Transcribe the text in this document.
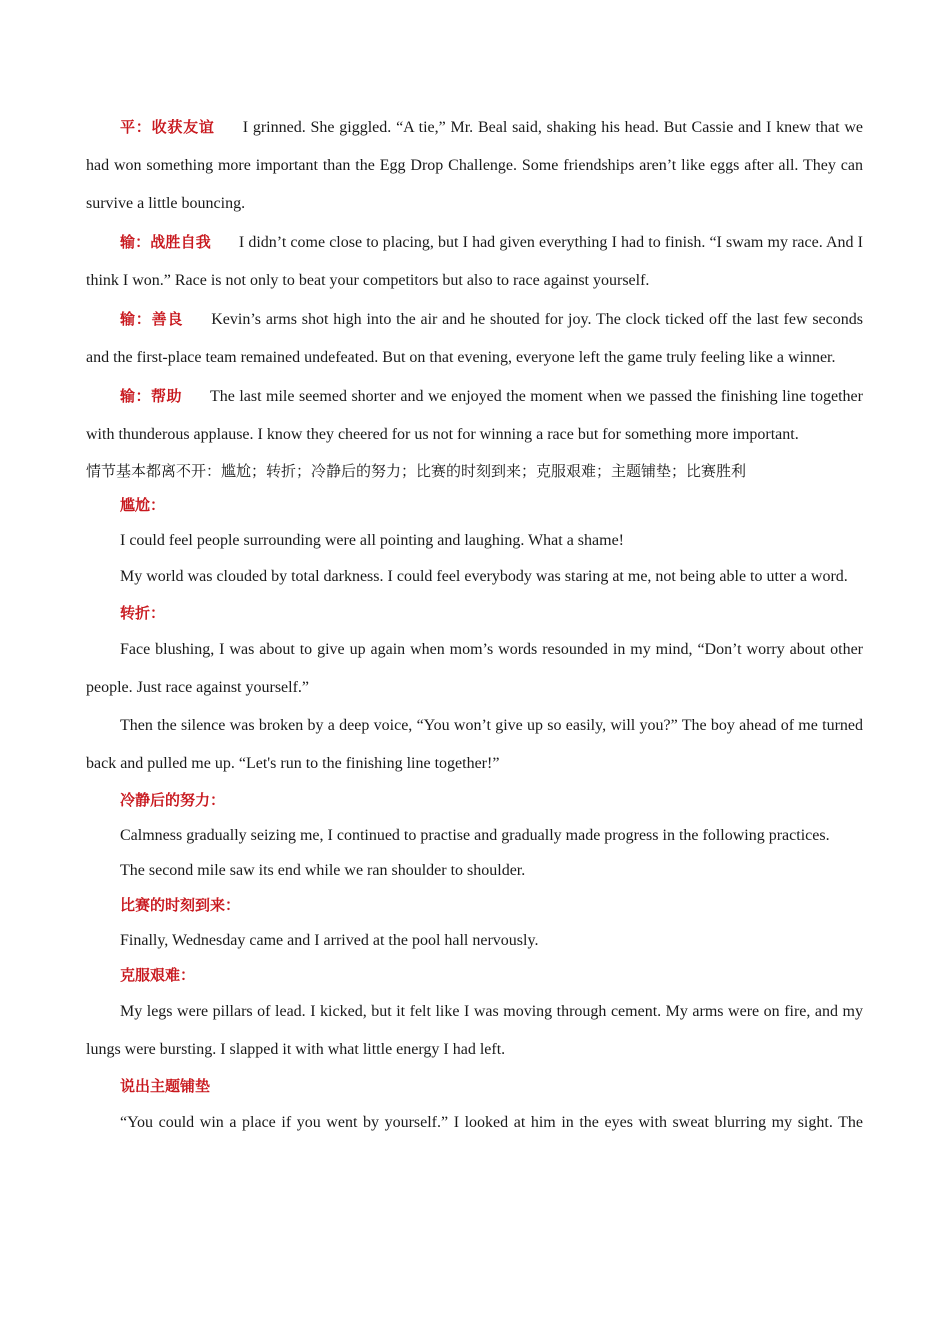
平：收获友谊 I grinned. She giggled. “A tie,” Mr. Beal said, shaking his head. But Cassie and I knew that we had won something more important than the Egg Drop Challenge. Some friendships aren’t like eggs after all. They can survive a little bouncing.

输：战胜自我 I didn’t come close to placing, but I had given everything I had to finish. “I swam my race. And I think I won.” Race is not only to beat your competitors but also to race against yourself.

输：善良 Kevin’s arms shot high into the air and he shouted for joy. The clock ticked off the last few seconds and the first-place team remained undefeated. But on that evening, everyone left the game truly feeling like a winner.

输：帮助 The last mile seemed shorter and we enjoyed the moment when we passed the finishing line together with thunderous applause. I know they cheered for us not for winning a race but for something more important.

情节基本都离不开：尴尬；转折；冷静后的努力；比赛的时刻到来；克服艰难；主题铺垫；比赛胜利

尴尬：

I could feel people surrounding were all pointing and laughing. What a shame!

My world was clouded by total darkness. I could feel everybody was staring at me, not being able to utter a word.

转折：

Face blushing, I was about to give up again when mom’s words resounded in my mind, “Don’t worry about other people. Just race against yourself.”

Then the silence was broken by a deep voice, “You won’t give up so easily, will you?” The boy ahead of me turned back and pulled me up. “Let's run to the finishing line together!”

冷静后的努力：

Calmness gradually seizing me, I continued to practise and gradually made progress in the following practices.

The second mile saw its end while we ran shoulder to shoulder.

比赛的时刻到来：

Finally, Wednesday came and I arrived at the pool hall nervously.

克服艰难：

My legs were pillars of lead. I kicked, but it felt like I was moving through cement. My arms were on fire, and my lungs were bursting. I slapped it with what little energy I had left.

说出主题铺垫

“You could win a place if you went by yourself.” I looked at him in the eyes with sweat blurring my sight. The
